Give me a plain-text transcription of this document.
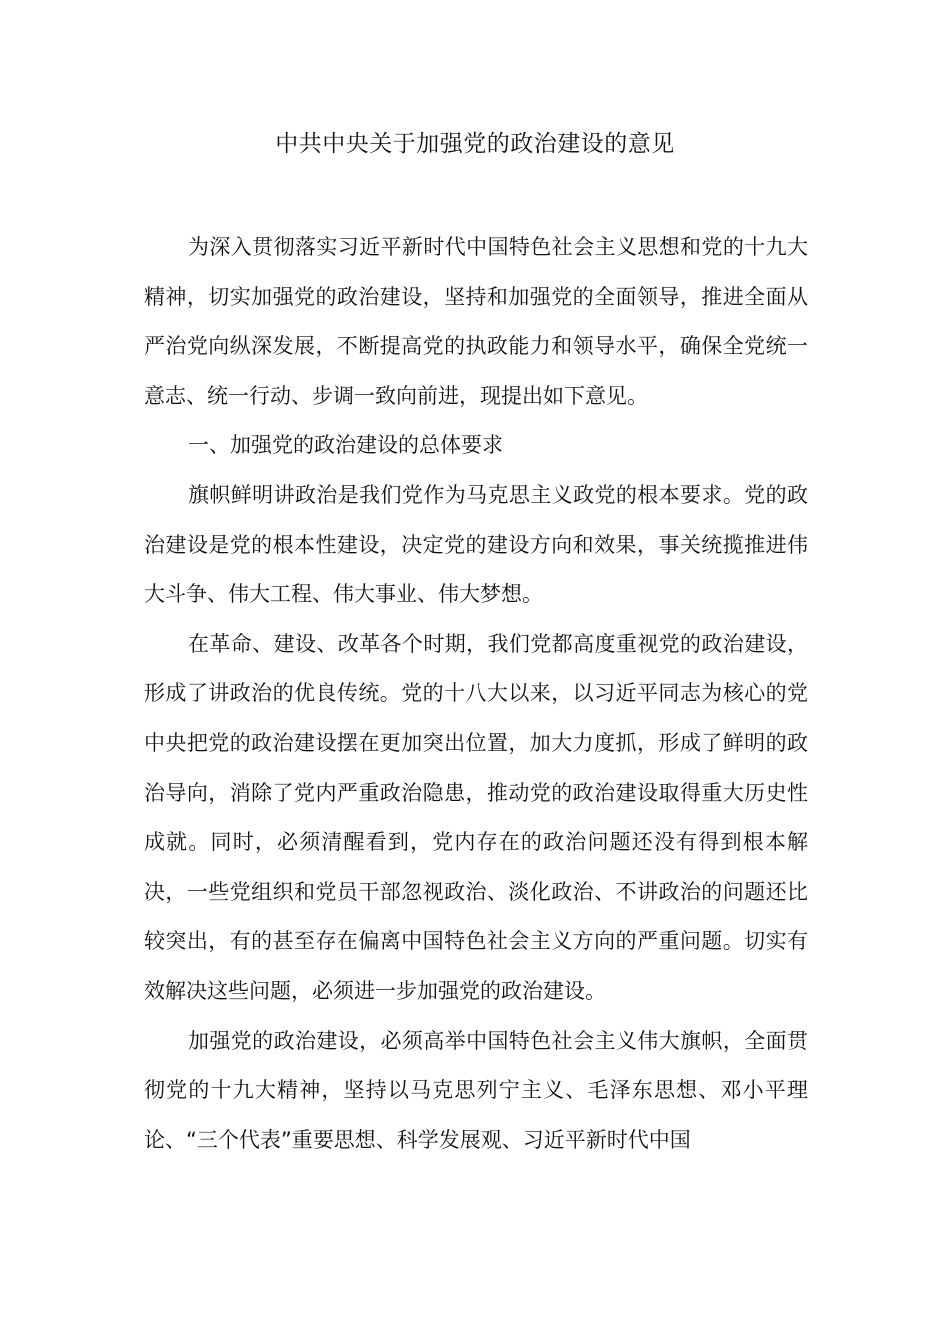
中共中央关于加强党的政治建设的意见

为深入贯彻落实习近平新时代中国特色社会主义思想和党的十九大精神，切实加强党的政治建设，坚持和加强党的全面领导，推进全面从严治党向纵深发展，不断提高党的执政能力和领导水平，确保全党统一意志、统一行动、步调一致向前进，现提出如下意见。

一、加强党的政治建设的总体要求

旗帜鲜明讲政治是我们党作为马克思主义政党的根本要求。党的政治建设是党的根本性建设，决定党的建设方向和效果，事关统揽推进伟大斗争、伟大工程、伟大事业、伟大梦想。

在革命、建设、改革各个时期，我们党都高度重视党的政治建设，形成了讲政治的优良传统。党的十八大以来，以习近平同志为核心的党中央把党的政治建设摆在更加突出位置，加大力度抓，形成了鲜明的政治导向，消除了党内严重政治隐患，推动党的政治建设取得重大历史性成就。同时，必须清醒看到，党内存在的政治问题还没有得到根本解决，一些党组织和党员干部忽视政治、淡化政治、不讲政治的问题还比较突出，有的甚至存在偏离中国特色社会主义方向的严重问题。切实有效解决这些问题，必须进一步加强党的政治建设。

加强党的政治建设，必须高举中国特色社会主义伟大旗帜，全面贯彻党的十九大精神，坚持以马克思列宁主义、毛泽东思想、邓小平理论、“三个代表”重要思想、科学发展观、习近平新时代中国
